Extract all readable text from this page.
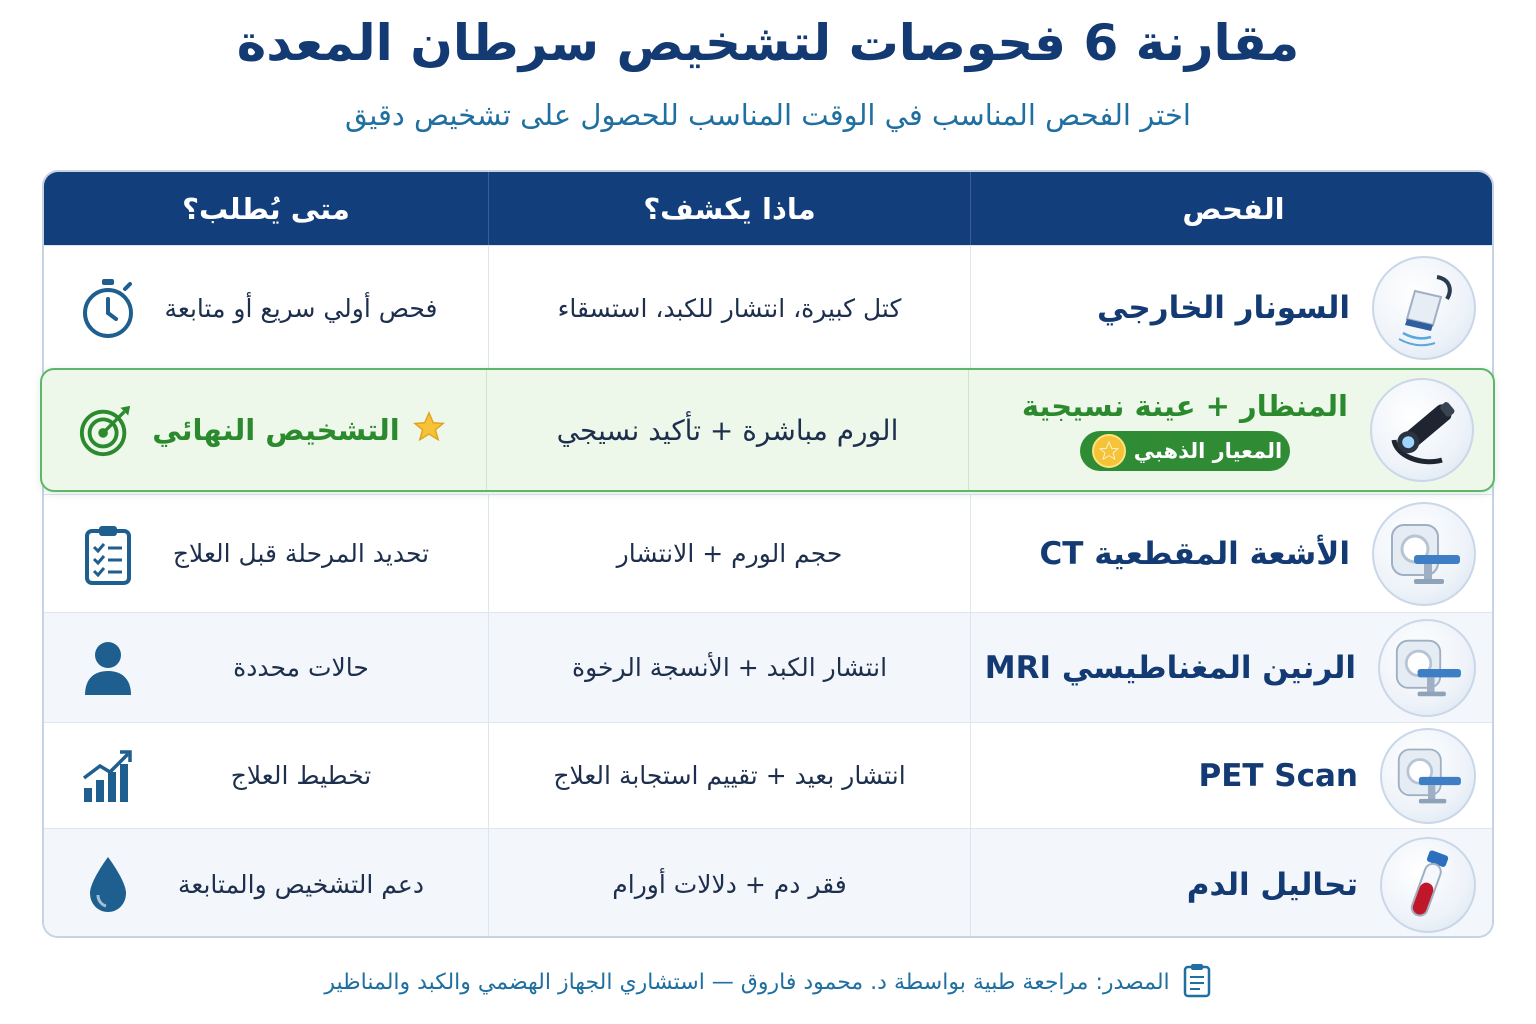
مقارنة 6 فحوصات لتشخيص سرطان المعدة
اختر الفحص المناسب في الوقت المناسب للحصول على تشخيص دقيق
الفحص
ماذا يكشف؟
متى يُطلب؟
السونار الخارجي
كتل كبيرة، انتشار للكبد، استسقاء
فحص أولي سريع أو متابعة
الأشعة المقطعية CT
حجم الورم + الانتشار
تحديد المرحلة قبل العلاج
الرنين المغناطيسي MRI
انتشار الكبد + الأنسجة الرخوة
حالات محددة
PET Scan
انتشار بعيد + تقييم استجابة العلاج
تخطيط العلاج
تحاليل الدم
فقر دم + دلالات أورام
دعم التشخيص والمتابعة
المنظار + عينة نسيجية
المعيار الذهبي
الورم مباشرة + تأكيد نسيجي
التشخيص النهائي
المصدر: مراجعة طبية بواسطة د. محمود فاروق — استشاري الجهاز الهضمي والكبد والمناظير
